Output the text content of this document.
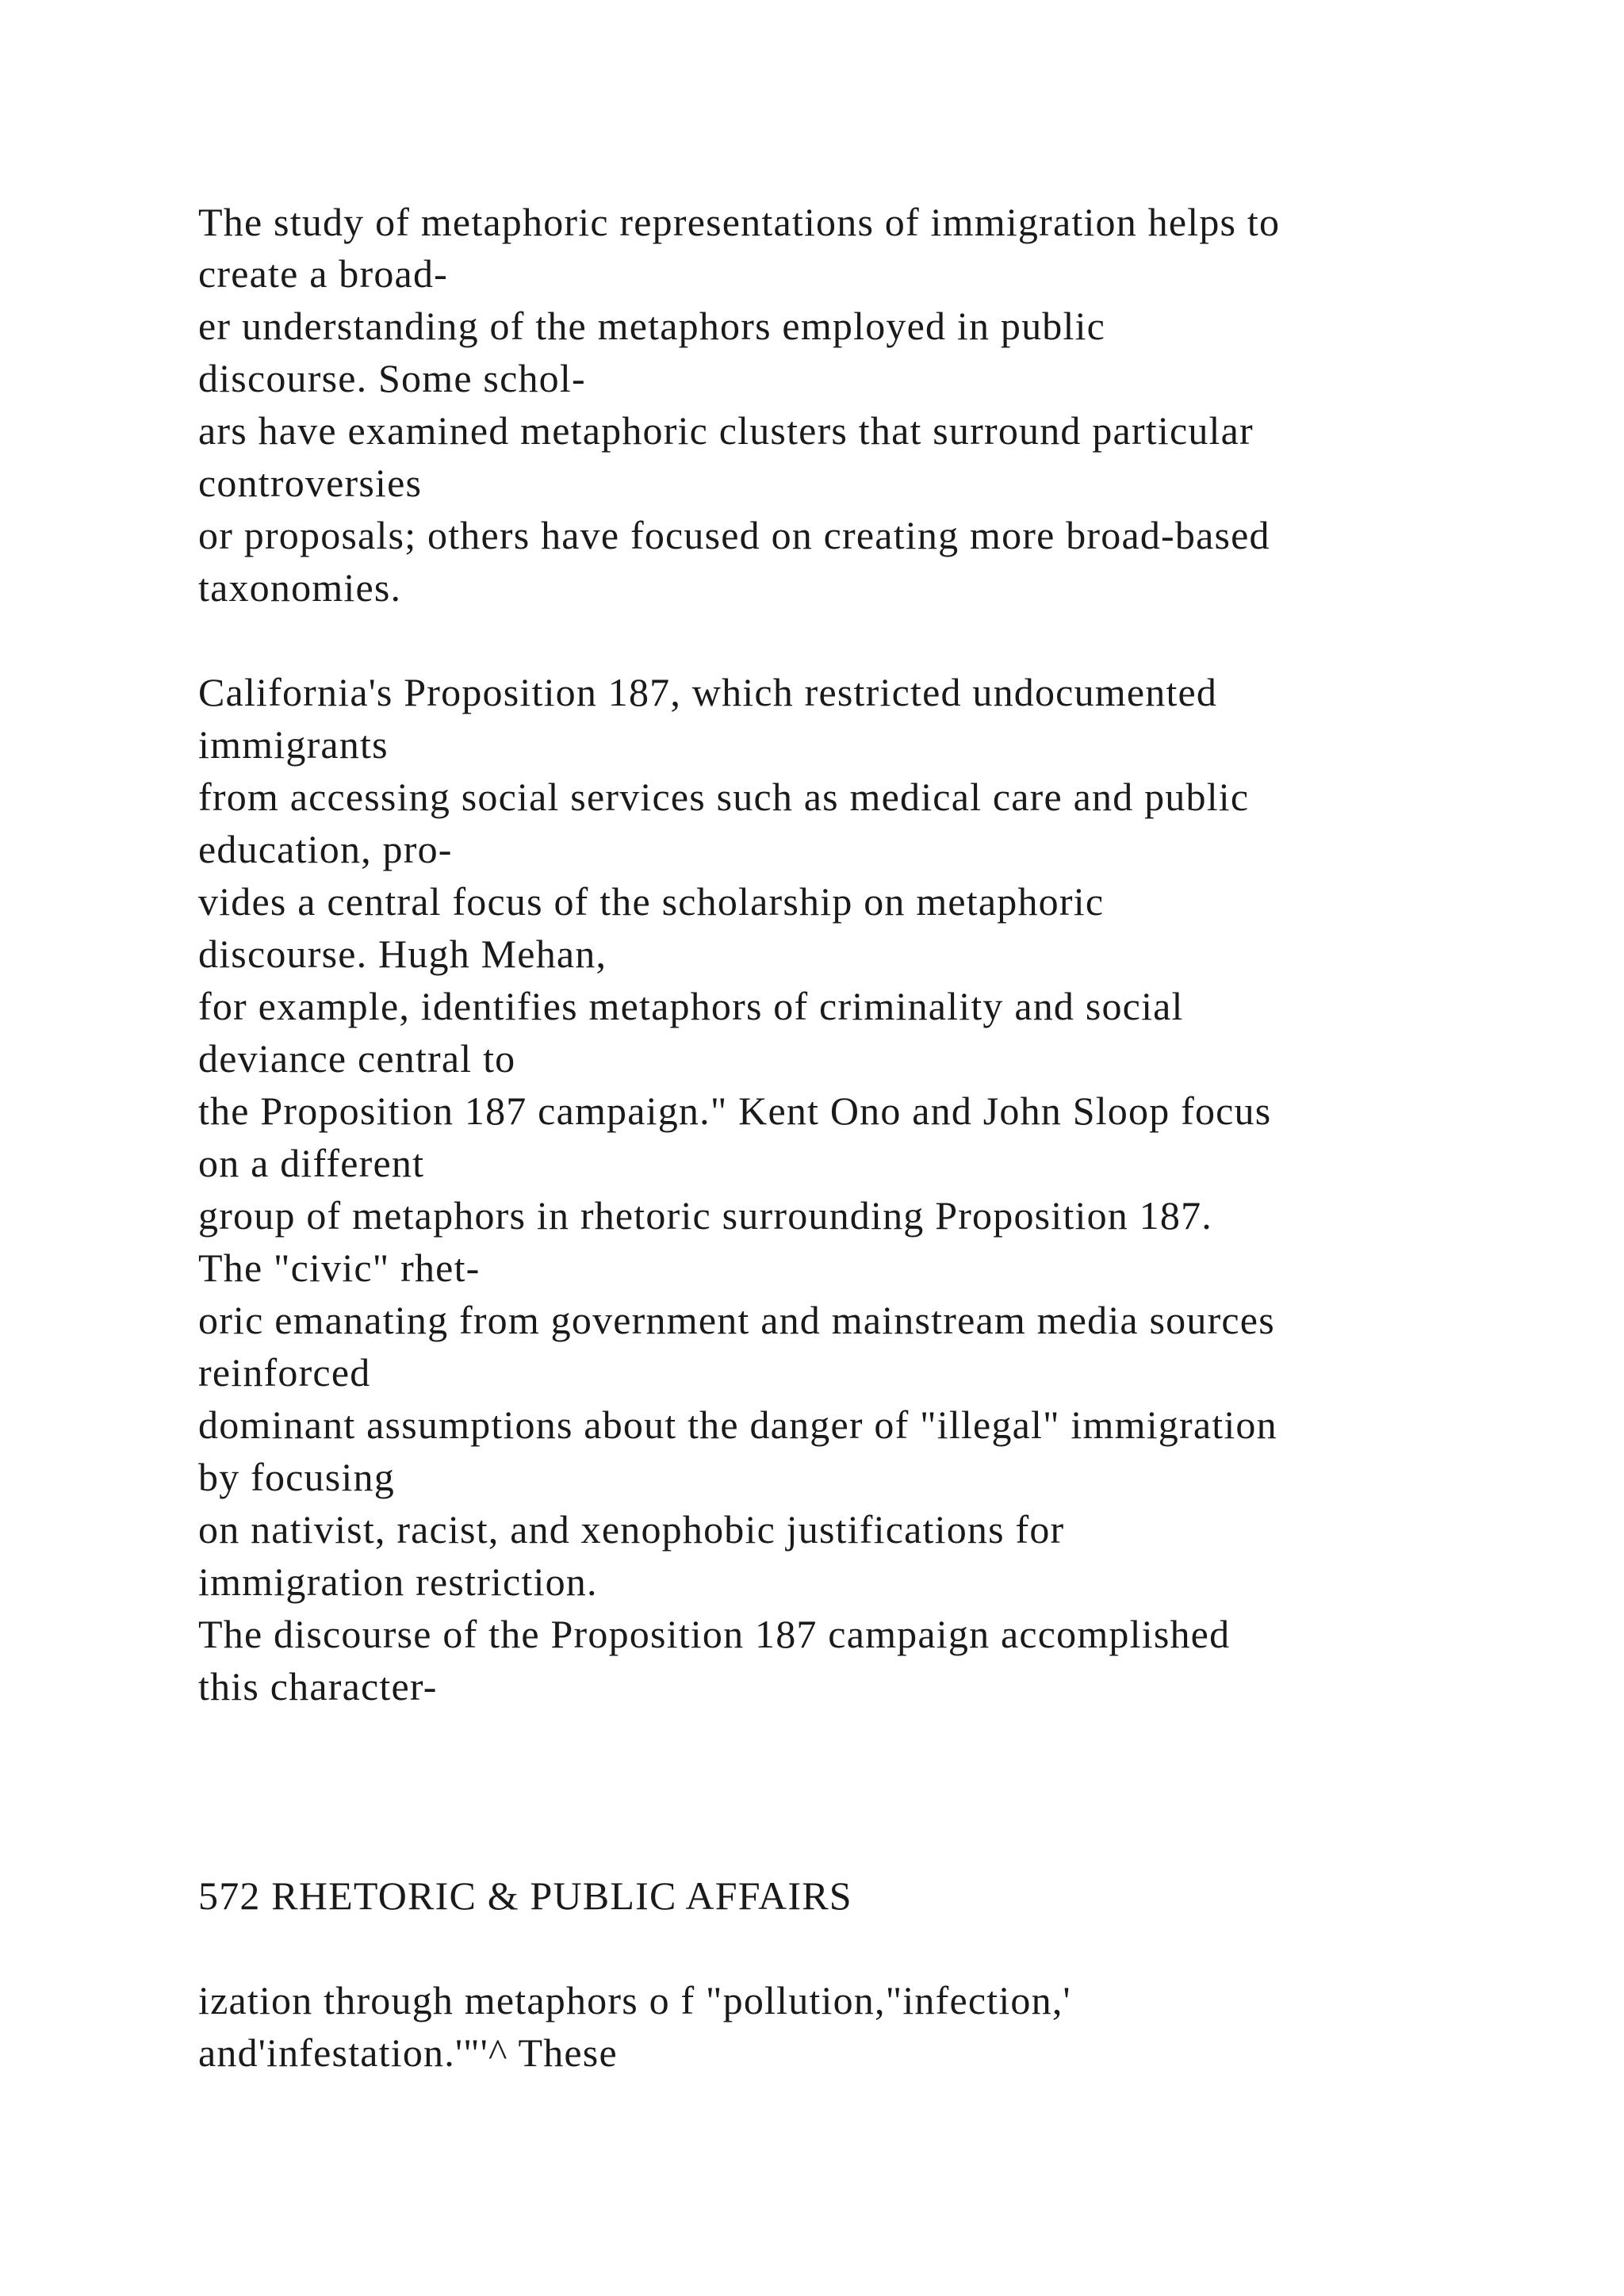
The study of metaphoric representations of immigration helps to
create a broad-
er understanding of the metaphors employed in public
discourse. Some schol-
ars have examined metaphoric clusters that surround particular
controversies
or proposals; others have focused on creating more broad-based
taxonomies.
California's Proposition 187, which restricted undocumented
immigrants
from accessing social services such as medical care and public
education, pro-
vides a central focus of the scholarship on metaphoric
discourse. Hugh Mehan,
for example, identifies metaphors of criminality and social
deviance central to
the Proposition 187 campaign." Kent Ono and John Sloop focus
on a different
group of metaphors in rhetoric surrounding Proposition 187.
The "civic" rhet-
oric emanating from government and mainstream media sources
reinforced
dominant assumptions about the danger of "illegal" immigration
by focusing
on nativist, racist, and xenophobic justifications for
immigration restriction.
The discourse of the Proposition 187 campaign accomplished
this character-
572 RHETORIC & PUBLIC AFFAIRS
ization through metaphors o f "pollution,"infection,'
and'infestation.'"'^ These
